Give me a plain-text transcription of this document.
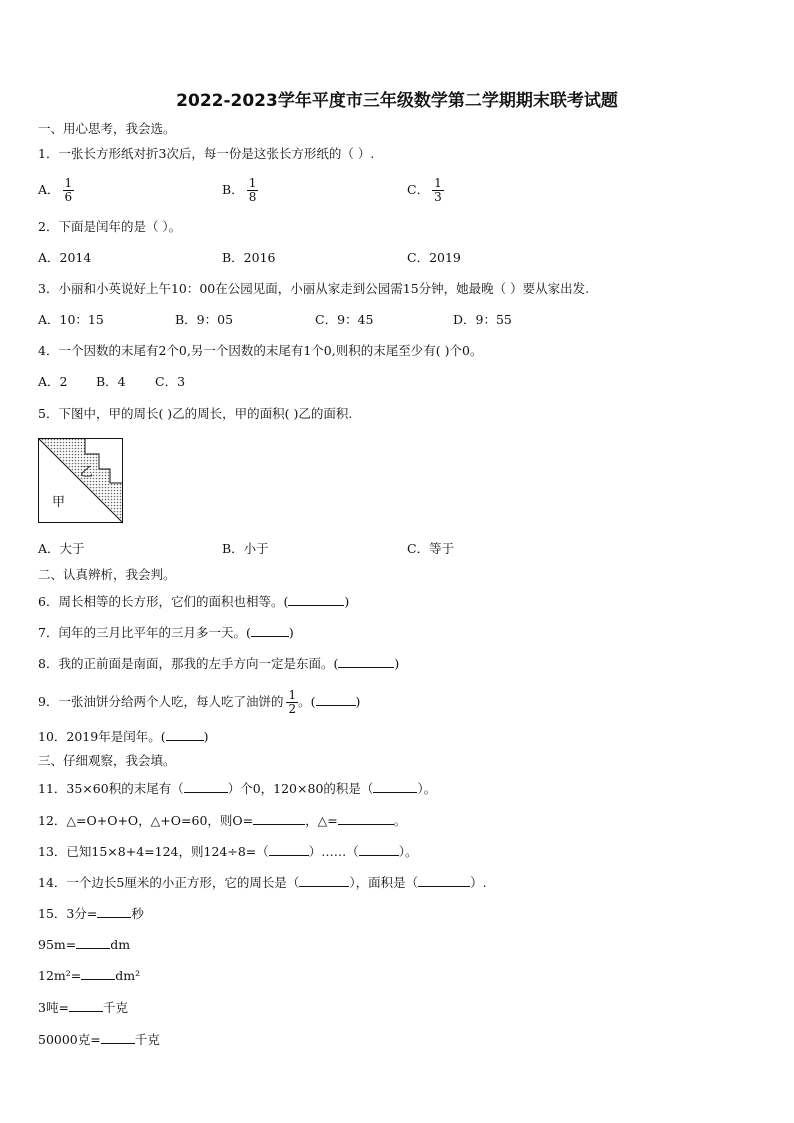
2022-2023学年平度市三年级数学第二学期期末联考试题
一、用心思考，我会选。
1．一张长方形纸对折3次后，每一份是这张长方形纸的（ ）.
A． $\frac{1}{6}$	B． $\frac{1}{8}$	C． $\frac{1}{3}$
2．下面是闰年的是（ ）。
A．2014	B．2016	C．2019
3．小丽和小英说好上午10：00在公园见面，小丽从家走到公园需15分钟，她最晚（ ）要从家出发.
A．10：15	B．9：05	C．9：45	D．9：55
4．一个因数的末尾有2个0,另一个因数的末尾有1个0,则积的末尾至少有( )个0。
A．2 B．4 C．3
5．下图中，甲的周长( )乙的周长，甲的面积( )乙的面积.
乙
甲
A．大于	B．小于	C．等于
二、认真辨析，我会判。
6．周长相等的长方形，它们的面积也相等。(	)
7．闰年的三月比平年的三月多一天。(	)
8．我的正前面是南面，那我的左手方向一定是东面。(	)
9．一张油饼分给两个人吃，每人吃了油饼的 $\frac{1}{2}$ 。(	)
10．2019年是闰年。(	)
三、仔细观察，我会填。
11．35×60积的末尾有（	）个0，120×80的积是（	）。
12．△=O+O+O，△+O=60，则O=	，△=	。
13．已知15×8+4=124，则124÷8=（	）……（	）。
14．一个边长5厘米的小正方形，它的周长是（	），面积是（	）.
15．3分=	秒
95m=	dm
12m²=	dm²
3吨=	千克
50000克=	千克
